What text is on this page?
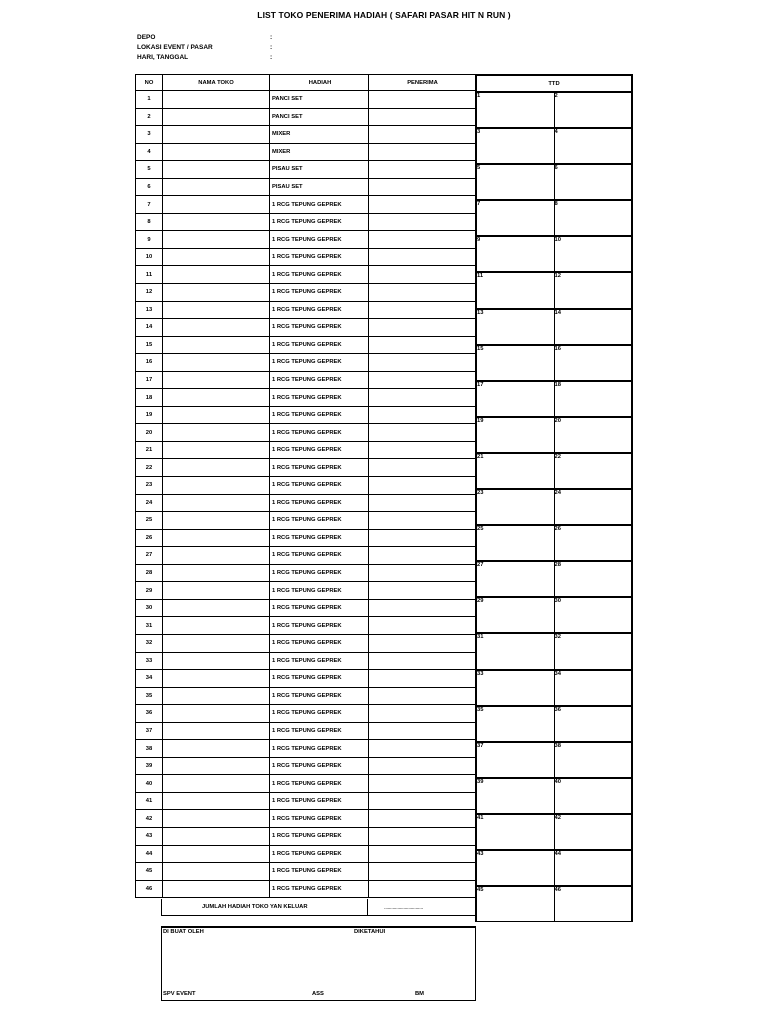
LIST TOKO PENERIMA HADIAH ( SAFARI PASAR HIT N RUN )
DEPO	:
LOKASI EVENT / PASAR	:
HARI, TANGGAL	:
NO	NAMA TOKO	HADIAH	PENERIMA
1		PANCI SET	
2		PANCI SET	
3		MIXER	
4		MIXER	
5		PISAU SET	
6		PISAU SET	
7		1 RCG TEPUNG GEPREK	
8		1 RCG TEPUNG GEPREK	
9		1 RCG TEPUNG GEPREK	
10		1 RCG TEPUNG GEPREK	
11		1 RCG TEPUNG GEPREK	
12		1 RCG TEPUNG GEPREK	
13		1 RCG TEPUNG GEPREK	
14		1 RCG TEPUNG GEPREK	
15		1 RCG TEPUNG GEPREK	
16		1 RCG TEPUNG GEPREK	
17		1 RCG TEPUNG GEPREK	
18		1 RCG TEPUNG GEPREK	
19		1 RCG TEPUNG GEPREK	
20		1 RCG TEPUNG GEPREK	
21		1 RCG TEPUNG GEPREK	
22		1 RCG TEPUNG GEPREK	
23		1 RCG TEPUNG GEPREK	
24		1 RCG TEPUNG GEPREK	
25		1 RCG TEPUNG GEPREK	
26		1 RCG TEPUNG GEPREK	
27		1 RCG TEPUNG GEPREK	
28		1 RCG TEPUNG GEPREK	
29		1 RCG TEPUNG GEPREK	
30		1 RCG TEPUNG GEPREK	
31		1 RCG TEPUNG GEPREK	
32		1 RCG TEPUNG GEPREK	
33		1 RCG TEPUNG GEPREK	
34		1 RCG TEPUNG GEPREK	
35		1 RCG TEPUNG GEPREK	
36		1 RCG TEPUNG GEPREK	
37		1 RCG TEPUNG GEPREK	
38		1 RCG TEPUNG GEPREK	
39		1 RCG TEPUNG GEPREK	
40		1 RCG TEPUNG GEPREK	
41		1 RCG TEPUNG GEPREK	
42		1 RCG TEPUNG GEPREK	
43		1 RCG TEPUNG GEPREK	
44		1 RCG TEPUNG GEPREK	
45		1 RCG TEPUNG GEPREK	
46		1 RCG TEPUNG GEPREK	
TTD	
1	2
3	4
5	6
7	8
9	10
11	12
13	14
15	16
17	18
19	20
21	22
23	24
25	26
27	28
29	30
31	32
33	34
35	36
37	38
39	40
41	42
43	44
45	46
JUMLAH HADIAH TOKO YAN KELUAR	................................
DI BUAT OLEH	DIKETAHUI
SPV EVENT	ASS	BM
